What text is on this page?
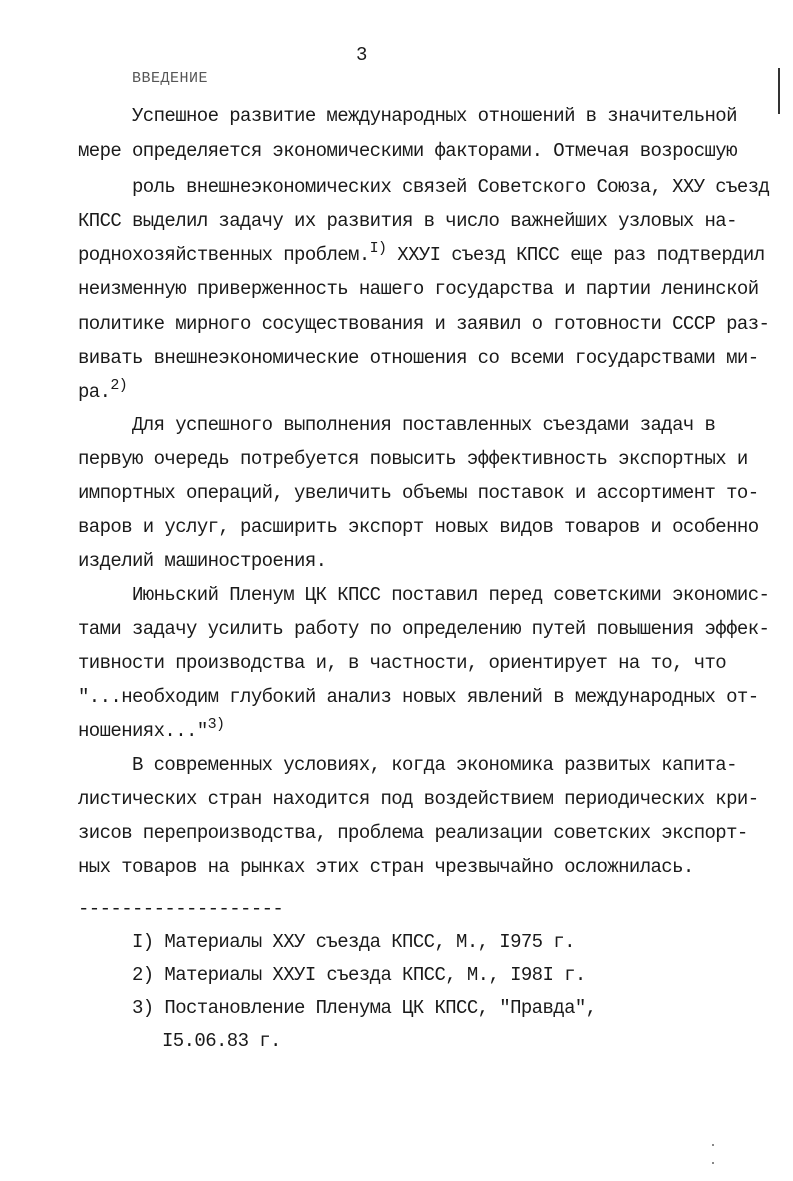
3
ВВЕДЕНИЕ
Успешное развитие международных отношений в значительной
мере определяется экономическими факторами. Отмечая возросшую
роль внешнеэкономических связей Советского Союза, ХХУ съезд
КПСС выделил задачу их развития в число важнейших узловых на-
роднохозяйственных проблем.$^{I)}$ ХХУI съезд КПСС еще раз подтвердил
неизменную приверженность нашего государства и партии ленинской
политике мирного сосуществования и заявил о готовности СССР раз-
вивать внешнеэкономические отношения со всеми государствами ми-
ра.$^{2)}$
Для успешного выполнения поставленных съездами задач в
первую очередь потребуется повысить эффективность экспортных и
импортных операций, увеличить объемы поставок и ассортимент то-
варов и услуг, расширить экспорт новых видов товаров и особенно
изделий машиностроения.
Июньский Пленум ЦК КПСС поставил перед советскими экономис-
тами задачу усилить работу по определению путей повышения эффек-
тивности производства и, в частности, ориентирует на то, что
"...необходим глубокий анализ новых явлений в международных от-
ношениях..."$^{3)}$
В современных условиях, когда экономика развитых капита-
листических стран находится под воздействием периодических кри-
зисов перепроизводства, проблема реализации советских экспорт-
ных товаров на рынках этих стран чрезвычайно осложнилась.
-------------------
I) Материалы ХХУ съезда КПСС, М., I975 г.
2) Материалы ХХУI съезда КПСС, М., I98I г.
3) Постановление Пленума ЦК КПСС, "Правда",
I5.06.83 г.
